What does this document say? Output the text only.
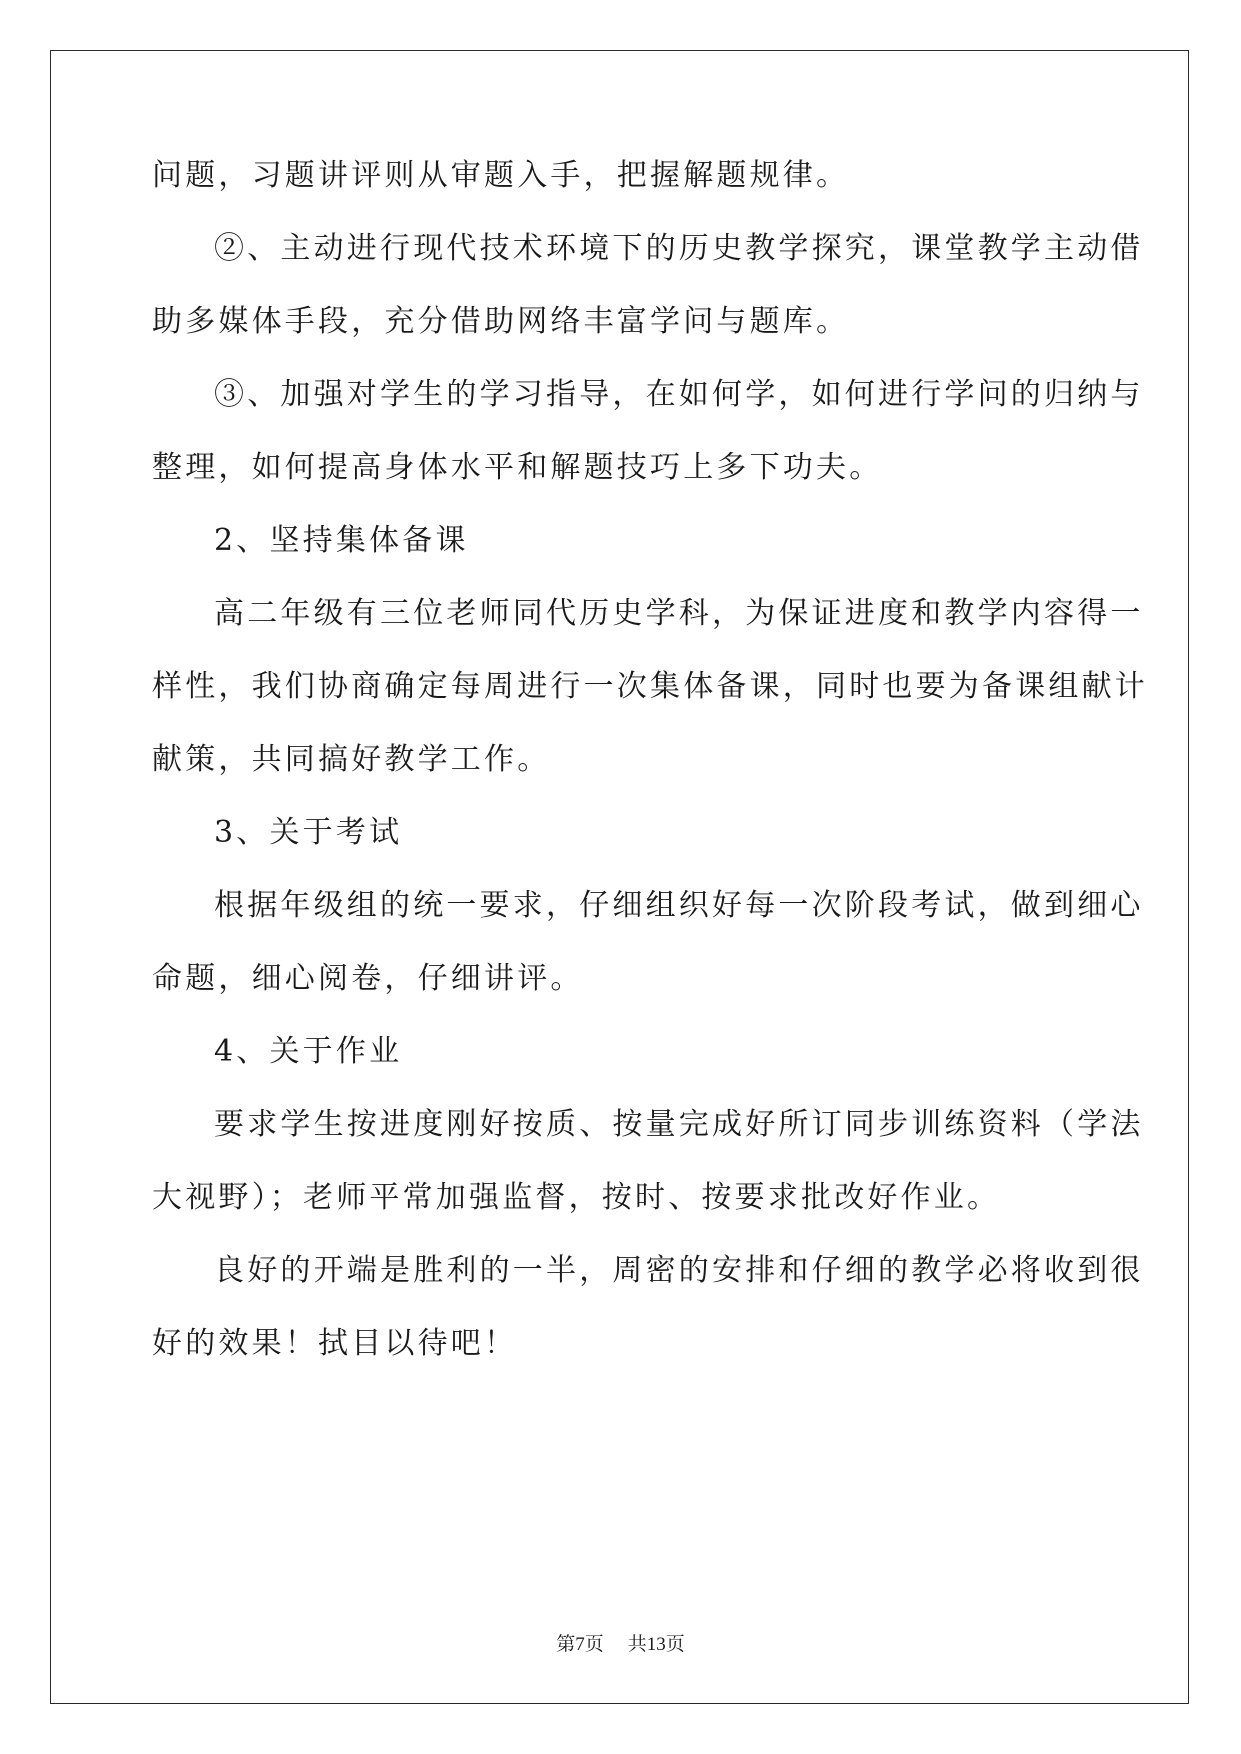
问题，习题讲评则从审题入手，把握解题规律。

②、主动进行现代技术环境下的历史教学探究，课堂教学主动借

助多媒体手段，充分借助网络丰富学问与题库。

③、加强对学生的学习指导，在如何学，如何进行学问的归纳与

整理，如何提高身体水平和解题技巧上多下功夫。

2、坚持集体备课

高二年级有三位老师同代历史学科，为保证进度和教学内容得一

样性，我们协商确定每周进行一次集体备课，同时也要为备课组献计

献策，共同搞好教学工作。

3、关于考试

根据年级组的统一要求，仔细组织好每一次阶段考试，做到细心

命题，细心阅卷，仔细讲评。

4、关于作业

要求学生按进度刚好按质、按量完成好所订同步训练资料（学法

大视野）；老师平常加强监督，按时、按要求批改好作业。

良好的开端是胜利的一半，周密的安排和仔细的教学必将收到很

好的效果！拭目以待吧！

第7页 共13页
